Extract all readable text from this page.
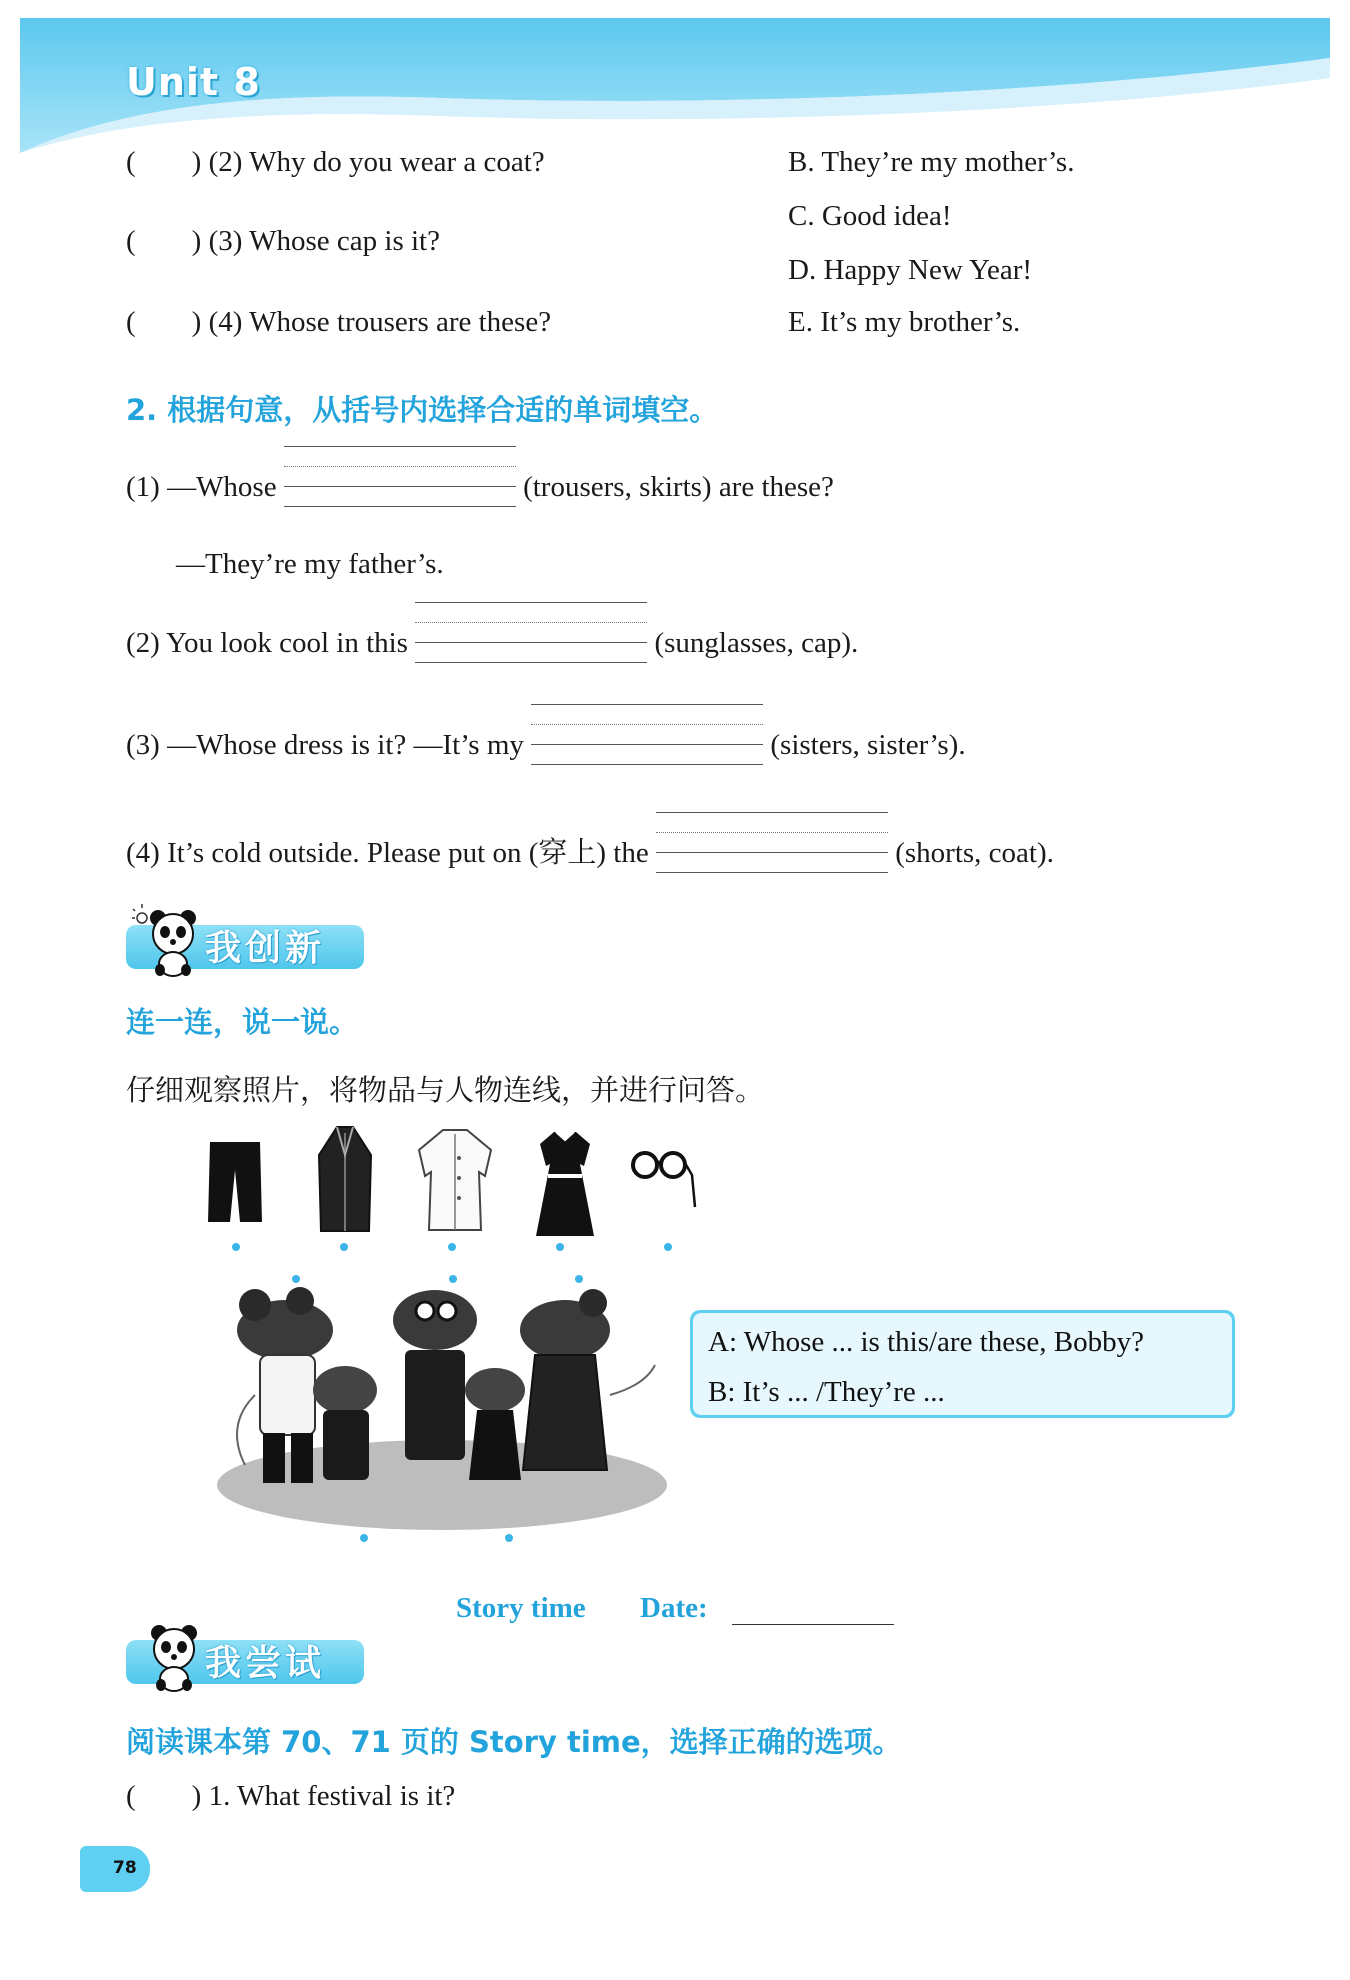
Unit 8
( ) (2) Why do you wear a coat?
( ) (3) Whose cap is it?
( ) (4) Whose trousers are these?
B. They’re my mother’s.
C. Good idea!
D. Happy New Year!
E. It’s my brother’s.
2. 根据句意，从括号内选择合适的单词填空。
(1) —Whose	(trousers, skirts) are these?
—They’re my father’s.
(2) You look cool in this	(sunglasses, cap).
(3) —Whose dress is it? —It’s my	(sisters, sister’s).
(4) It’s cold outside. Please put on (穿上) the	(shorts, coat).
我创新
连一连，说一说。
仔细观察照片，将物品与人物连线，并进行问答。
A: Whose ... is this/are these, Bobby?
B: It’s ... /They’re ...
Story time Date:
我尝试
阅读课本第 70、71 页的 Story time，选择正确的选项。
( ) 1. What festival is it?
78
